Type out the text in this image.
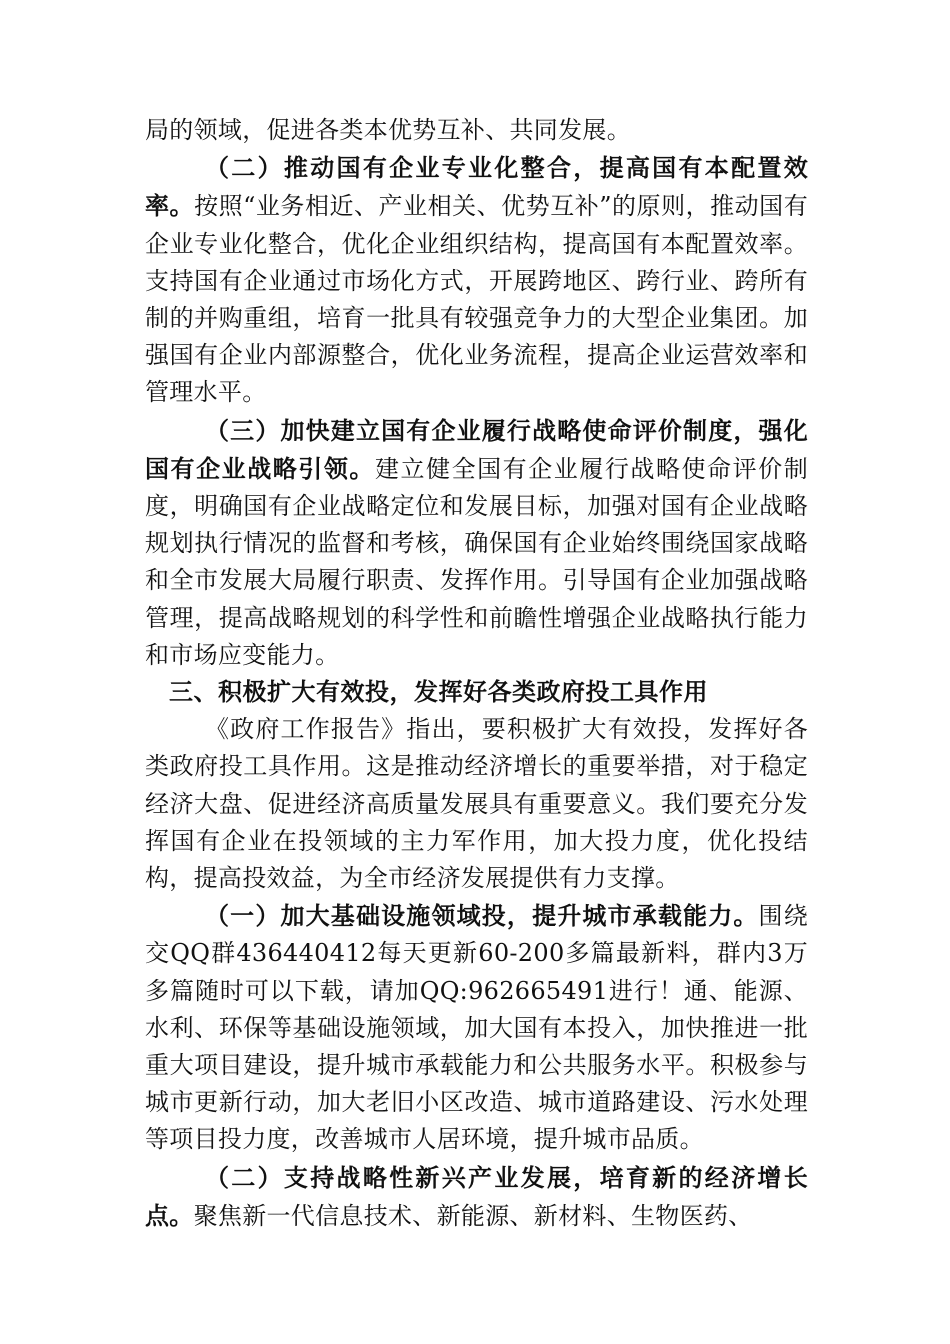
局的领域，促进各类本优势互补、共同发展。

（二）推动国有企业专业化整合，提高国有本配置效率。按照“业务相近、产业相关、优势互补”的原则，推动国有企业专业化整合，优化企业组织结构，提高国有本配置效率。支持国有企业通过市场化方式，开展跨地区、跨行业、跨所有制的并购重组，培育一批具有较强竞争力的大型企业集团。加强国有企业内部源整合，优化业务流程，提高企业运营效率和管理水平。

（三）加快建立国有企业履行战略使命评价制度，强化国有企业战略引领。建立健全国有企业履行战略使命评价制度，明确国有企业战略定位和发展目标，加强对国有企业战略规划执行情况的监督和考核，确保国有企业始终围绕国家战略和全市发展大局履行职责、发挥作用。引导国有企业加强战略管理，提高战略规划的科学性和前瞻性增强企业战略执行能力和市场应变能力。

三、积极扩大有效投，发挥好各类政府投工具作用

《政府工作报告》指出，要积极扩大有效投，发挥好各类政府投工具作用。这是推动经济增长的重要举措，对于稳定经济大盘、促进经济高质量发展具有重要意义。我们要充分发挥国有企业在投领域的主力军作用，加大投力度，优化投结构，提高投效益，为全市经济发展提供有力支撑。

（一）加大基础设施领域投，提升城市承载能力。围绕交QQ群436440412每天更新60-200多篇最新料，群内3万多篇随时可以下载，请加QQ:962665491进行！通、能源、水利、环保等基础设施领域，加大国有本投入，加快推进一批重大项目建设，提升城市承载能力和公共服务水平。积极参与城市更新行动，加大老旧小区改造、城市道路建设、污水处理等项目投力度，改善城市人居环境，提升城市品质。

（二）支持战略性新兴产业发展，培育新的经济增长点。聚焦新一代信息技术、新能源、新材料、生物医药、
